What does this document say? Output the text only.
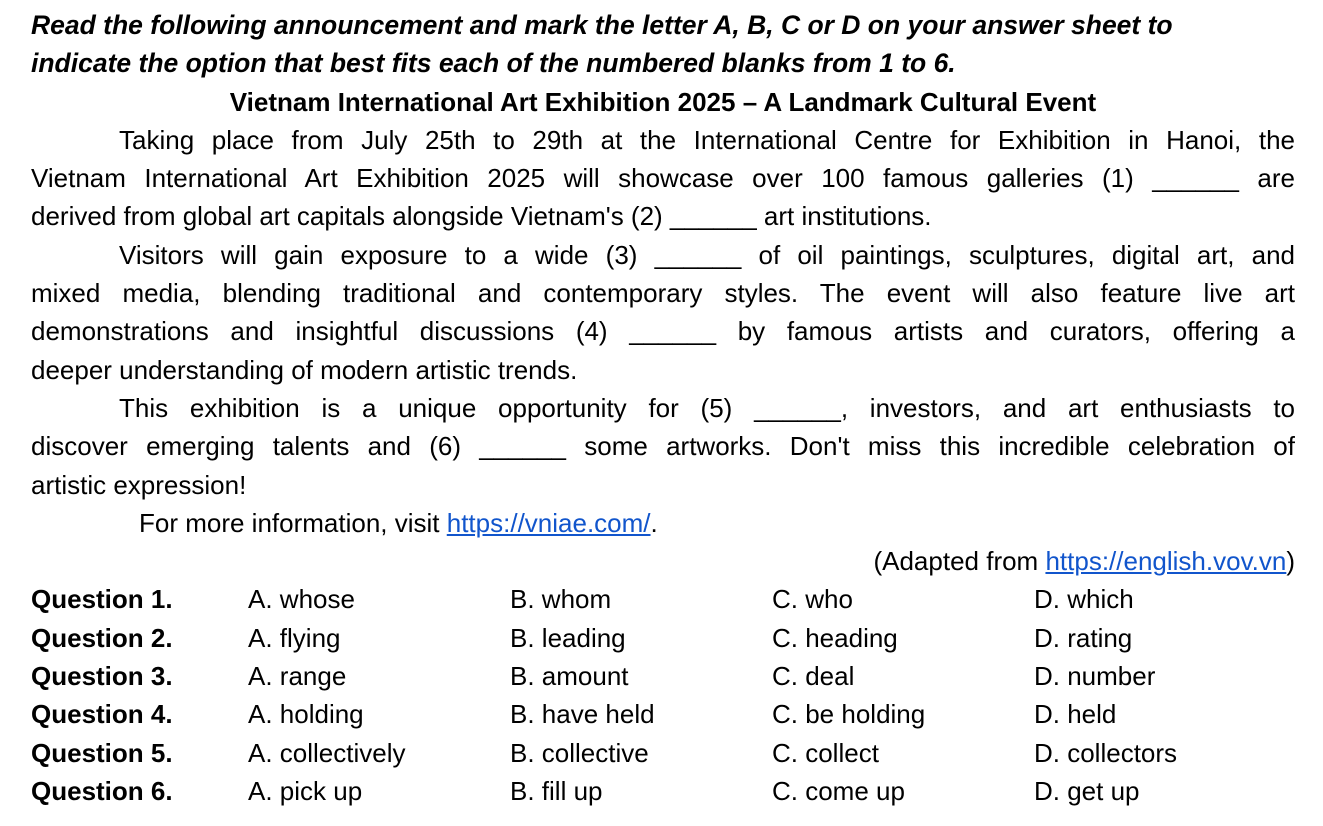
Read the following announcement and mark the letter A, B, C or D on your answer sheet to
indicate the option that best fits each of the numbered blanks from 1 to 6.
Vietnam International Art Exhibition 2025 – A Landmark Cultural Event
Taking place from July 25th to 29th at the International Centre for Exhibition in Hanoi, the
Vietnam International Art Exhibition 2025 will showcase over 100 famous galleries (1) ______ are
derived from global art capitals alongside Vietnam's (2) ______ art institutions.
Visitors will gain exposure to a wide (3) ______ of oil paintings, sculptures, digital art, and
mixed media, blending traditional and contemporary styles. The event will also feature live art
demonstrations and insightful discussions (4) ______ by famous artists and curators, offering a
deeper understanding of modern artistic trends.
This exhibition is a unique opportunity for (5) ______, investors, and art enthusiasts to
discover emerging talents and (6) ______ some artworks. Don't miss this incredible celebration of
artistic expression!
For more information, visit https://vniae.com/.
(Adapted from https://english.vov.vn)
Question 1.	A. whose	B. whom	C. who	D. which
Question 2.	A. flying	B. leading	C. heading	D. rating
Question 3.	A. range	B. amount	C. deal	D. number
Question 4.	A. holding	B. have held	C. be holding	D. held
Question 5.	A. collectively	B. collective	C. collect	D. collectors
Question 6.	A. pick up	B. fill up	C. come up	D. get up
